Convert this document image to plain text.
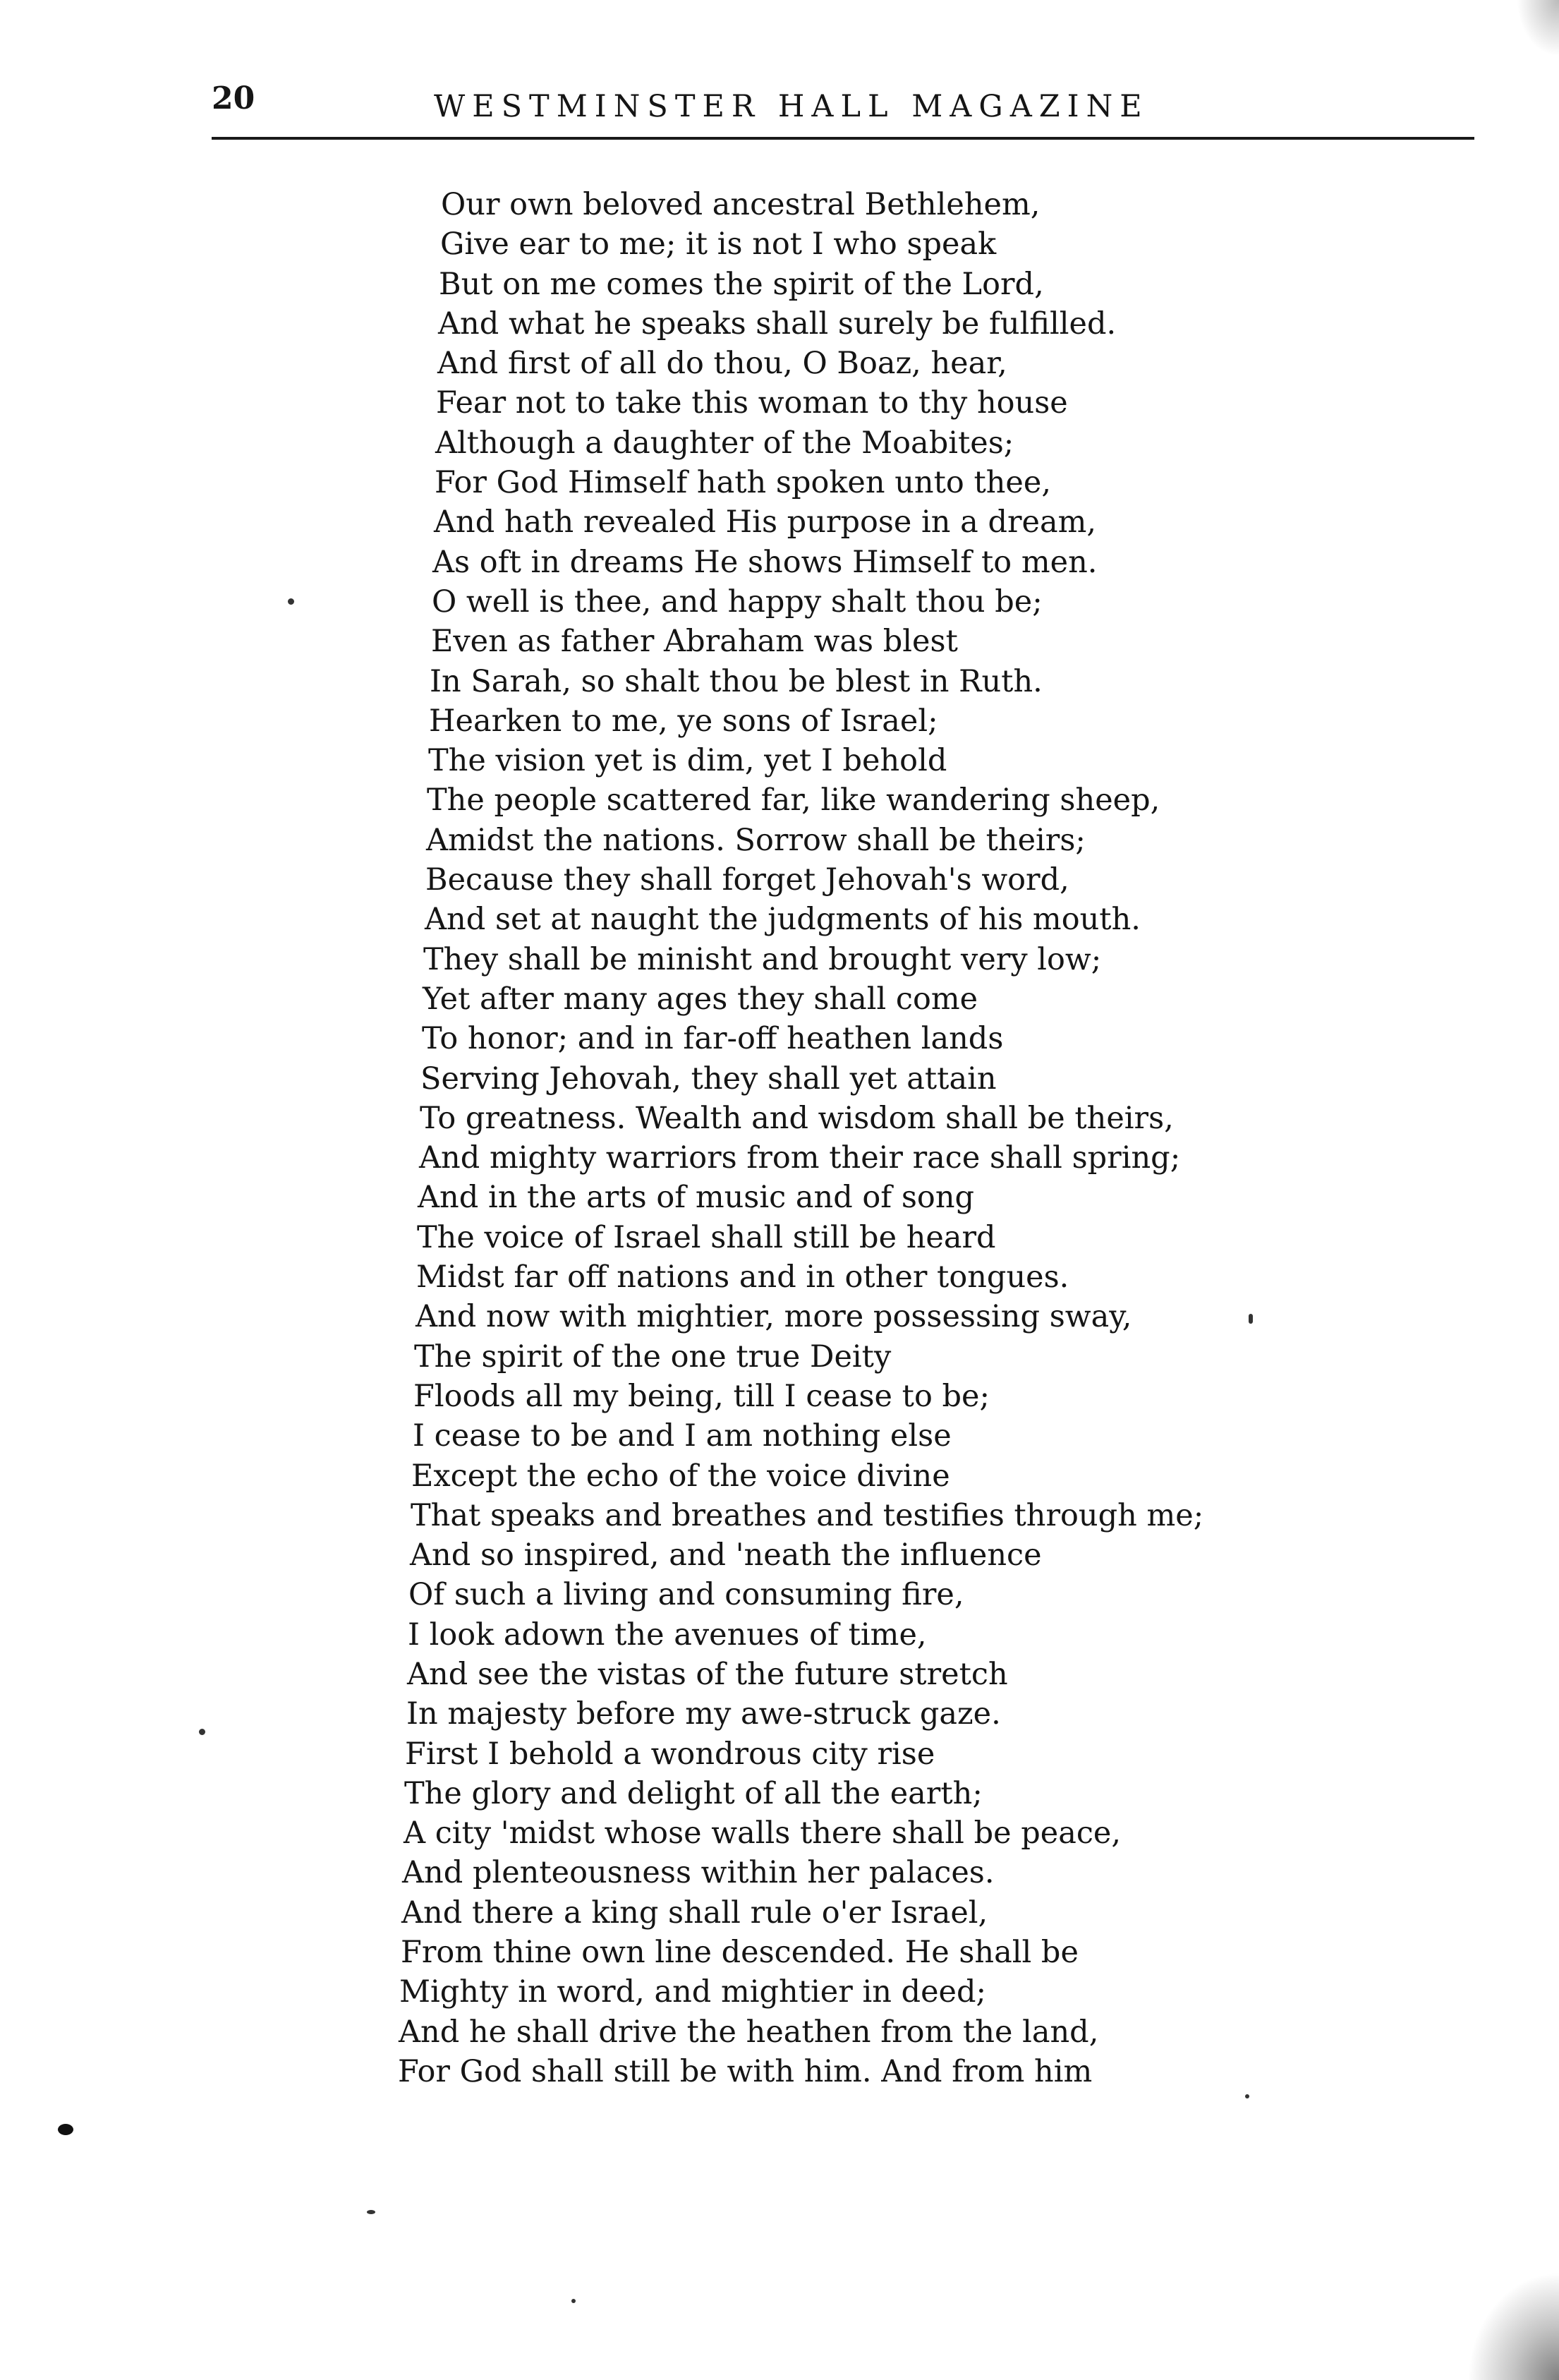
20	WESTMINSTER HALL MAGAZINE
Our own beloved ancestral Bethlehem,
Give ear to me; it is not I who speak
But on me comes the spirit of the Lord,
And what he speaks shall surely be fulfilled.
And first of all do thou, O Boaz, hear,
Fear not to take this woman to thy house
Although a daughter of the Moabites;
For God Himself hath spoken unto thee,
And hath revealed His purpose in a dream,
As oft in dreams He shows Himself to men.
O well is thee, and happy shalt thou be;
Even as father Abraham was blest
In Sarah, so shalt thou be blest in Ruth.
Hearken to me, ye sons of Israel;
The vision yet is dim, yet I behold
The people scattered far, like wandering sheep,
Amidst the nations. Sorrow shall be theirs;
Because they shall forget Jehovah's word,
And set at naught the judgments of his mouth.
They shall be minisht and brought very low;
Yet after many ages they shall come
To honor; and in far-off heathen lands
Serving Jehovah, they shall yet attain
To greatness. Wealth and wisdom shall be theirs,
And mighty warriors from their race shall spring;
And in the arts of music and of song
The voice of Israel shall still be heard
Midst far off nations and in other tongues.
And now with mightier, more possessing sway,
The spirit of the one true Deity
Floods all my being, till I cease to be;
I cease to be and I am nothing else
Except the echo of the voice divine
That speaks and breathes and testifies through me;
And so inspired, and 'neath the influence
Of such a living and consuming fire,
I look adown the avenues of time,
And see the vistas of the future stretch
In majesty before my awe-struck gaze.
First I behold a wondrous city rise
The glory and delight of all the earth;
A city 'midst whose walls there shall be peace,
And plenteousness within her palaces.
And there a king shall rule o'er Israel,
From thine own line descended. He shall be
Mighty in word, and mightier in deed;
And he shall drive the heathen from the land,
For God shall still be with him. And from him
